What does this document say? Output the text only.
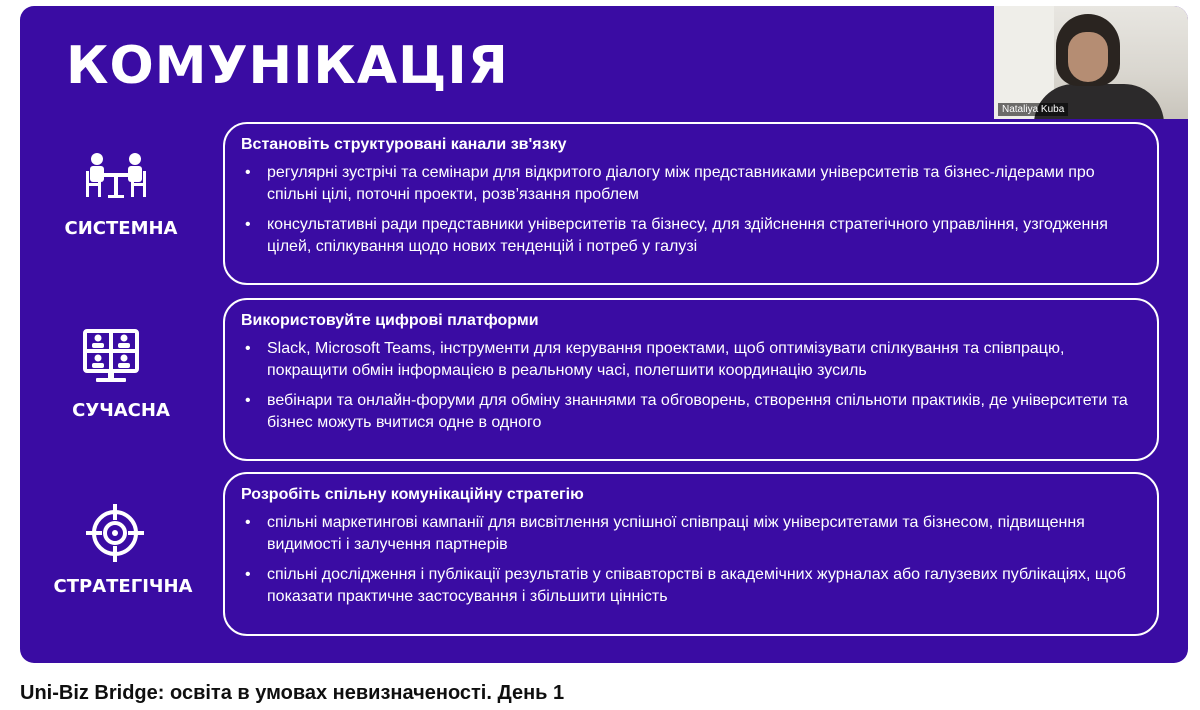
КОМУНІКАЦІЯ
Nataliya Kuba
СИСТЕМНА
Встановіть структуровані канали зв'язку
• регулярні зустрічі та семінари для відкритого діалогу між представниками університетів та бізнес-лідерами про спільні цілі, поточні проекти, розв’язання проблем
• консультативні ради представники університетів та бізнесу, для здійснення стратегічного управління, узгодження цілей, спілкування щодо нових тенденцій і потреб у галузі
СУЧАСНА
Використовуйте цифрові платформи
• Slack, Microsoft Teams, інструменти для керування проектами, щоб оптимізувати спілкування та співпрацю, покращити обмін інформацією в реальному часі, полегшити координацію зусиль
• вебінари та онлайн-форуми для обміну знаннями та обговорень, створення спільноти практиків, де університети та бізнес можуть вчитися одне в одного
СТРАТЕГІЧНА
Розробіть спільну комунікаційну стратегію
• спільні маркетингові кампанії для висвітлення успішної співпраці між університетами та бізнесом, підвищення видимості і залучення партнерів
• спільні дослідження і публікації результатів у співавторстві в академічних журналах або галузевих публікаціях, щоб показати практичне застосування і збільшити цінність
Uni-Biz Bridge: освіта в умовах невизначеності. День 1
